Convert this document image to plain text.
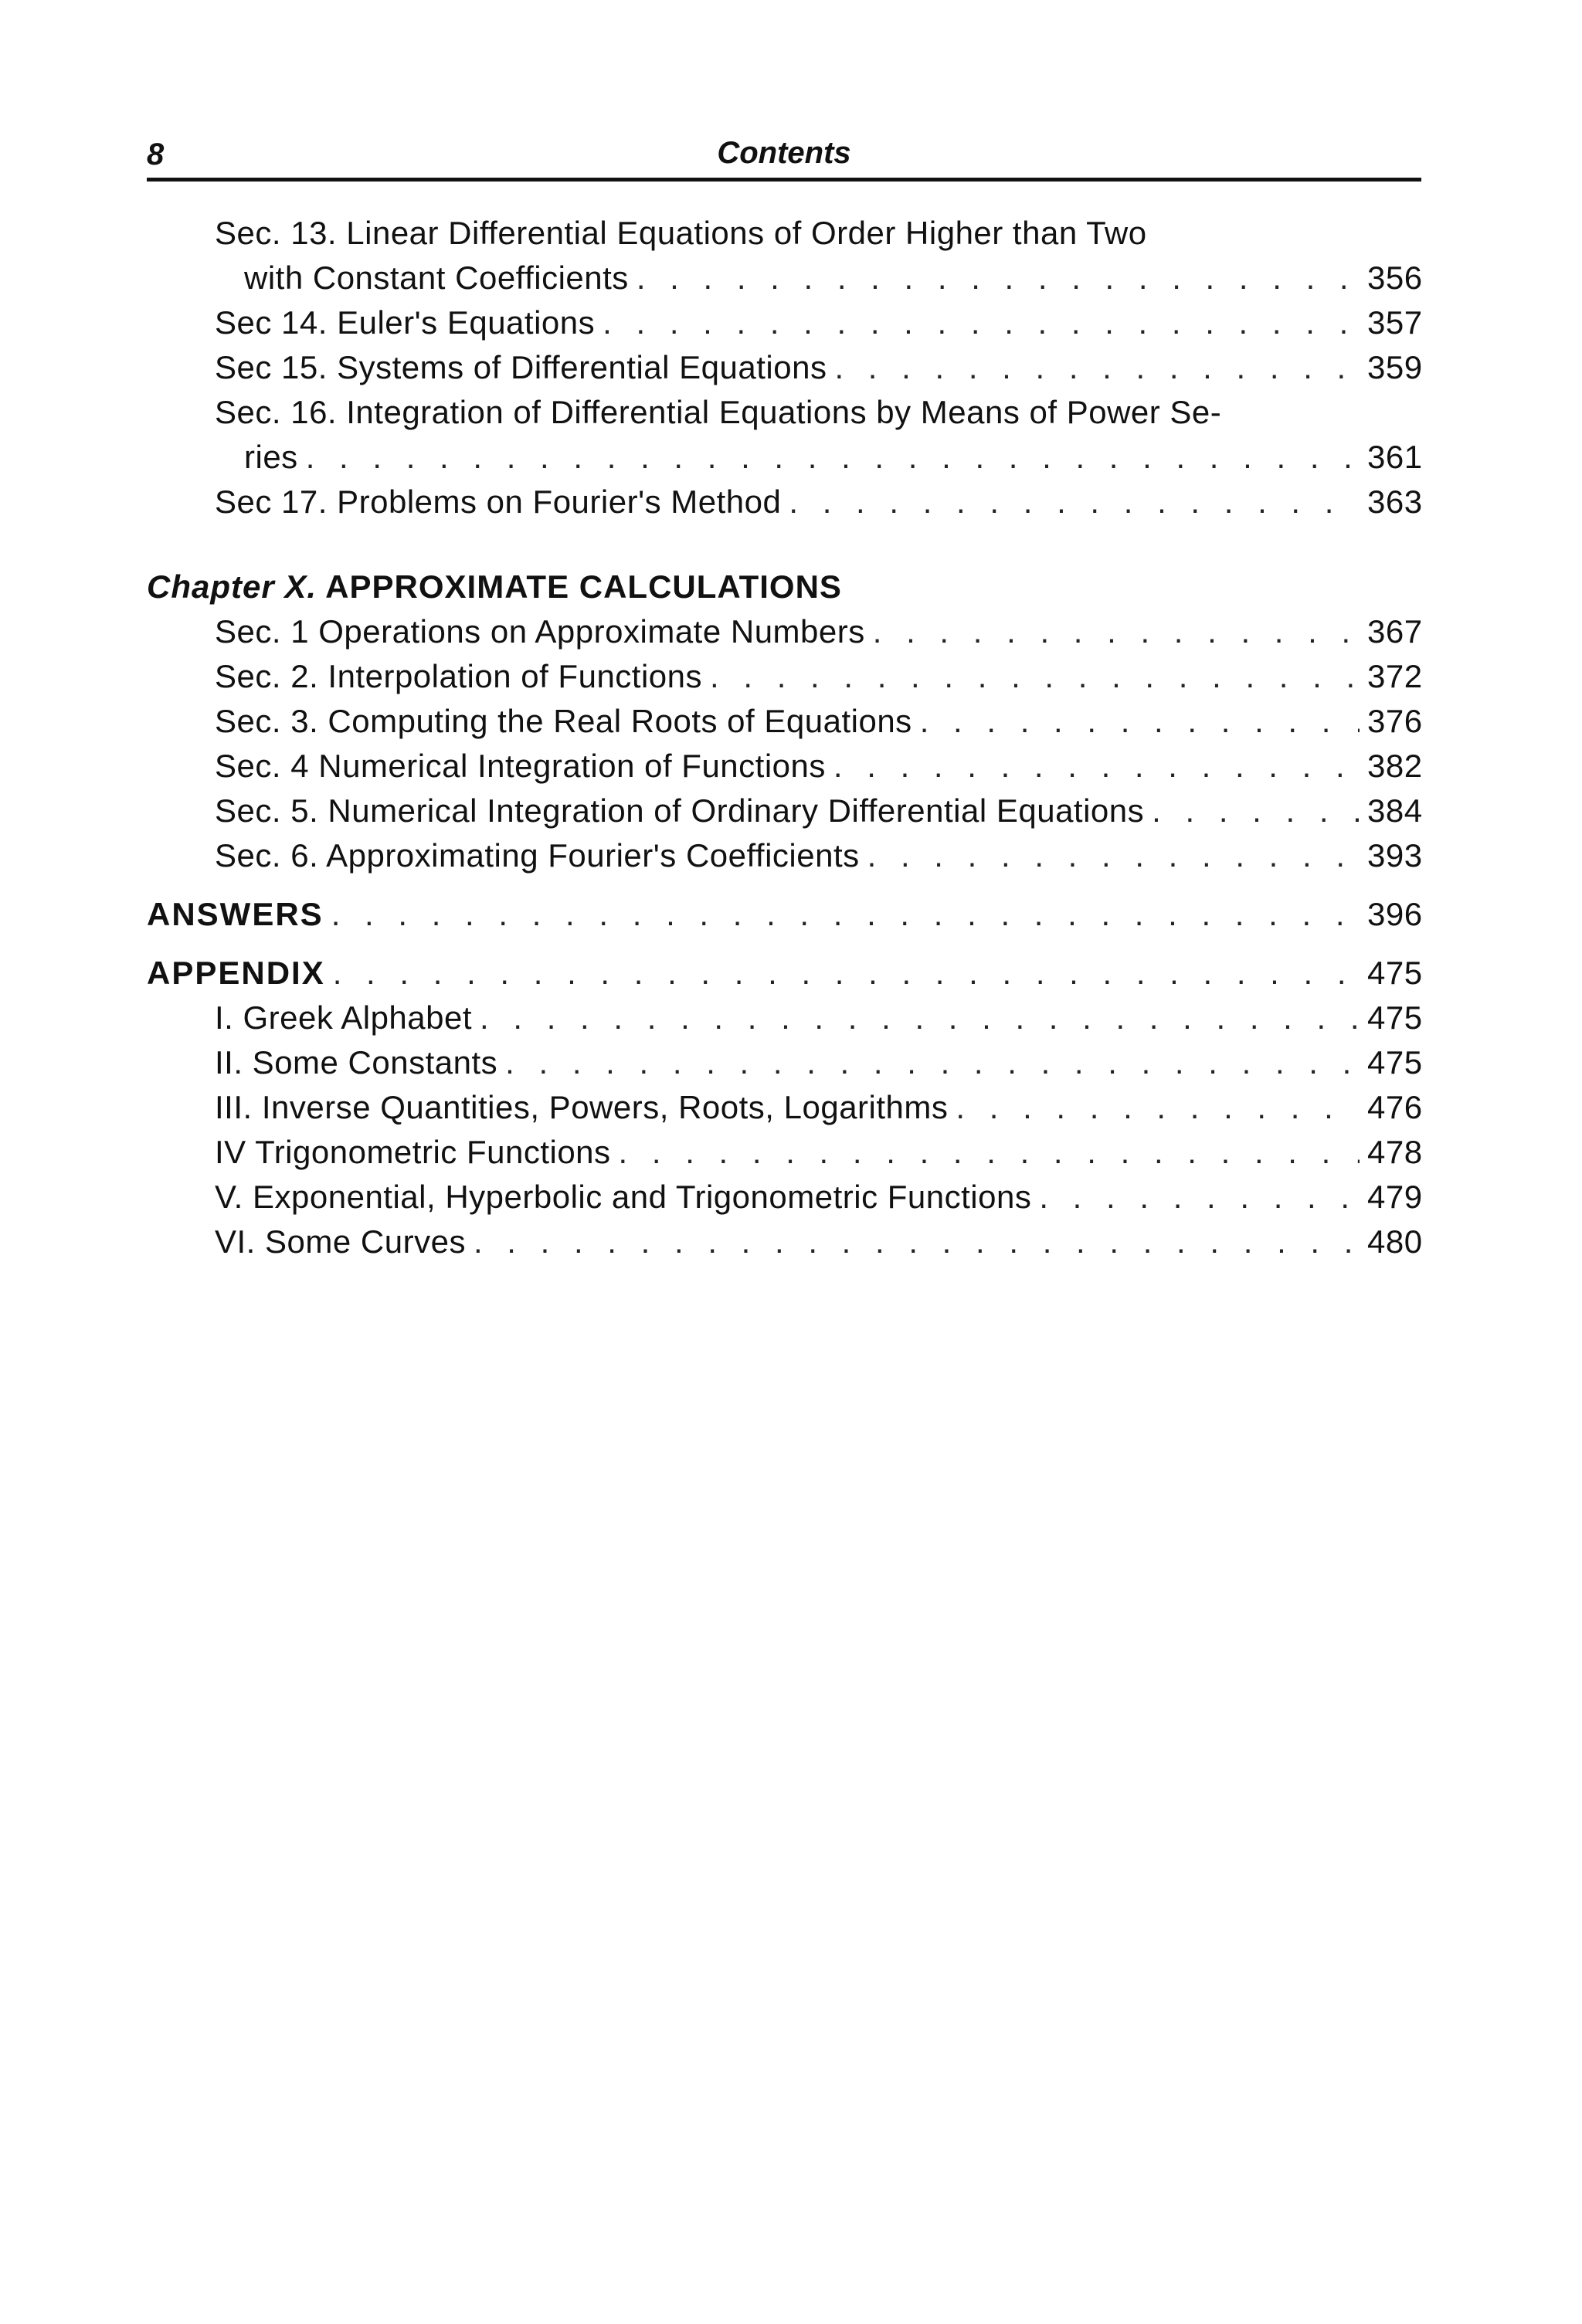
8	Contents
Sec. 13. Linear Differential Equations of Order Higher than Two
with Constant Coefficients . . .	356
Sec 14. Euler's Equations . . .	357
Sec 15. Systems of Differential Equations . . .	359
Sec. 16. Integration of Differential Equations by Means of Power Se-
ries . . .	361
Sec 17. Problems on Fourier's Method . . .	363
Chapter X. APPROXIMATE CALCULATIONS
Sec. 1 Operations on Approximate Numbers . . .	367
Sec. 2. Interpolation of Functions . . .	372
Sec. 3. Computing the Real Roots of Equations . . .	376
Sec. 4 Numerical Integration of Functions . . .	382
Sec. 5. Numerical Integration of Ordinary Differential Equations . . .	384
Sec. 6. Approximating Fourier's Coefficients . . .	393
ANSWERS . . .	396
APPENDIX . . .	475
I. Greek Alphabet . . .	475
II. Some Constants . . .	475
III. Inverse Quantities, Powers, Roots, Logarithms . . .	476
IV Trigonometric Functions . . .	478
V. Exponential, Hyperbolic and Trigonometric Functions . . .	479
VI. Some Curves . . .	480
